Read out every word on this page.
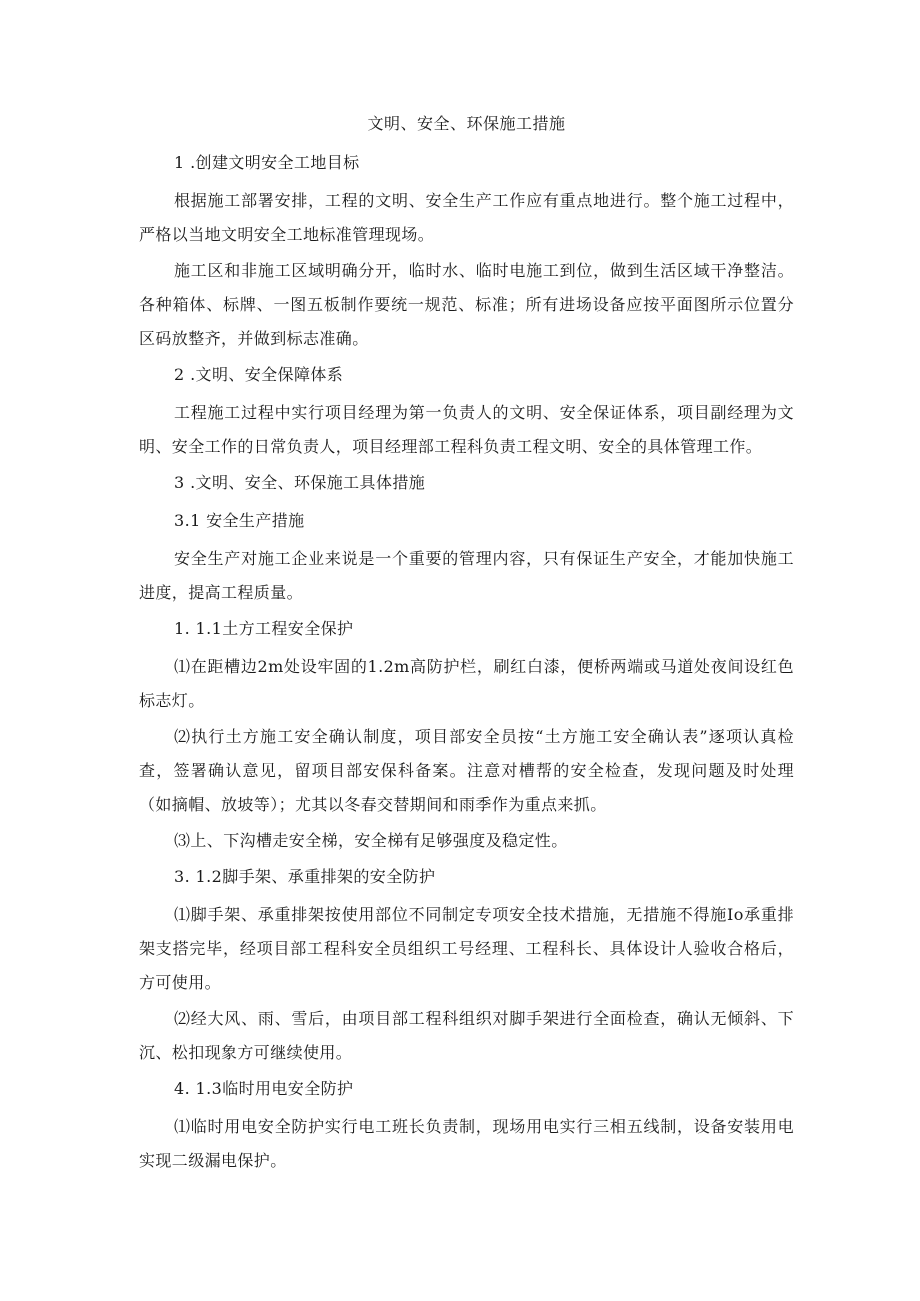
文明、安全、环保施工措施
1 .创建文明安全工地目标
根据施工部署安排，工程的文明、安全生产工作应有重点地进行。整个施工过程中，严格以当地文明安全工地标准管理现场。
施工区和非施工区域明确分开，临时水、临时电施工到位，做到生活区域干净整洁。各种箱体、标牌、一图五板制作要统一规范、标准；所有进场设备应按平面图所示位置分区码放整齐，并做到标志准确。
2 .文明、安全保障体系
工程施工过程中实行项目经理为第一负责人的文明、安全保证体系，项目副经理为文明、安全工作的日常负责人，项目经理部工程科负责工程文明、安全的具体管理工作。
3 .文明、安全、环保施工具体措施
3.1 安全生产措施
安全生产对施工企业来说是一个重要的管理内容，只有保证生产安全，才能加快施工进度，提高工程质量。
1. 1.1土方工程安全保护
⑴在距槽边2m处设牢固的1.2m高防护栏，刷红白漆，便桥两端或马道处夜间设红色标志灯。
⑵执行土方施工安全确认制度，项目部安全员按“土方施工安全确认表”逐项认真检查，签署确认意见，留项目部安保科备案。注意对槽帮的安全检查，发现问题及时处理（如摘帽、放坡等）；尤其以冬春交替期间和雨季作为重点来抓。
⑶上、下沟槽走安全梯，安全梯有足够强度及稳定性。
3. 1.2脚手架、承重排架的安全防护
⑴脚手架、承重排架按使用部位不同制定专项安全技术措施，无措施不得施Io承重排架支搭完毕，经项目部工程科安全员组织工号经理、工程科长、具体设计人验收合格后，方可使用。
⑵经大风、雨、雪后，由项目部工程科组织对脚手架进行全面检查，确认无倾斜、下沉、松扣现象方可继续使用。
4. 1.3临时用电安全防护
⑴临时用电安全防护实行电工班长负责制，现场用电实行三相五线制，设备安装用电实现二级漏电保护。
